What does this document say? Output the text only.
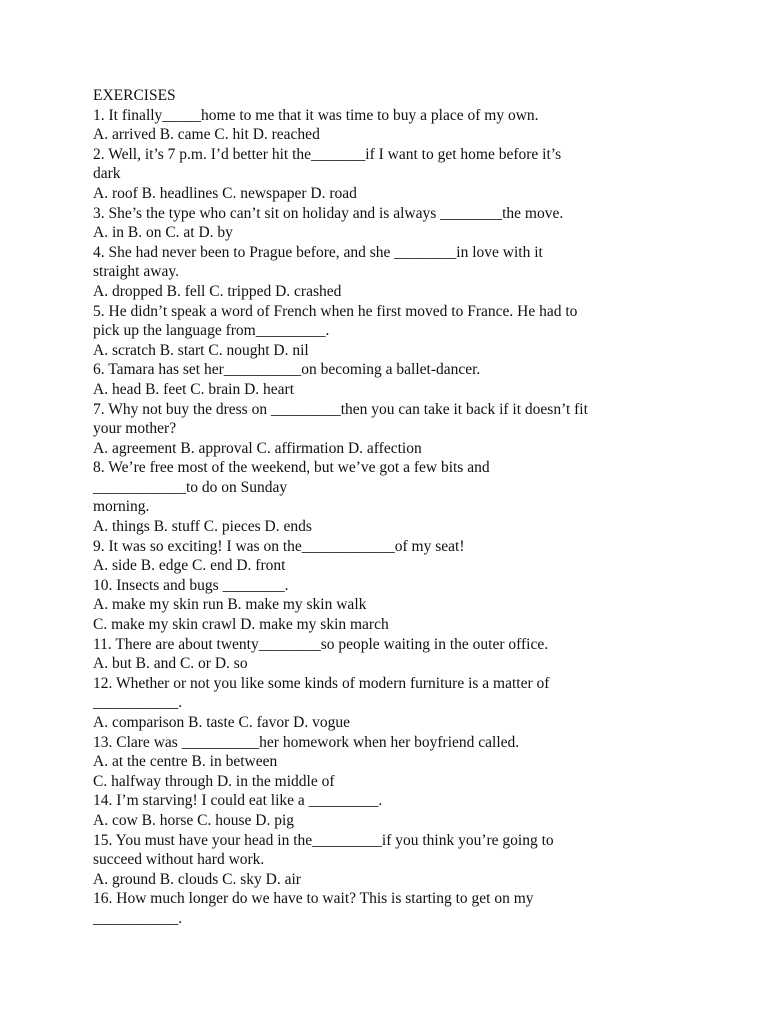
EXERCISES
1. It finally_____home to me that it was time to buy a place of my own.
A. arrived B. came C. hit D. reached
2. Well, it’s 7 p.m. I’d better hit the_______if I want to get home before it’s
dark
A. roof B. headlines C. newspaper D. road
3. She’s the type who can’t sit on holiday and is always ________the move.
A. in B. on C. at D. by
4. She had never been to Prague before, and she ________in love with it
straight away.
A. dropped B. fell C. tripped D. crashed
5. He didn’t speak a word of French when he first moved to France. He had to
pick up the language from_________.
A. scratch B. start C. nought D. nil
6. Tamara has set her__________on becoming a ballet-dancer.
A. head B. feet C. brain D. heart
7. Why not buy the dress on _________then you can take it back if it doesn’t fit
your mother?
A. agreement B. approval C. affirmation D. affection
8. We’re free most of the weekend, but we’ve got a few bits and
____________to do on Sunday
morning.
A. things B. stuff C. pieces D. ends
9. It was so exciting! I was on the____________of my seat!
A. side B. edge C. end D. front
10. Insects and bugs ________.
A. make my skin run B. make my skin walk
C. make my skin crawl D. make my skin march
11. There are about twenty________so people waiting in the outer office.
A. but B. and C. or D. so
12. Whether or not you like some kinds of modern furniture is a matter of
___________.
A. comparison B. taste C. favor D. vogue
13. Clare was __________her homework when her boyfriend called.
A. at the centre B. in between
C. halfway through D. in the middle of
14. I’m starving! I could eat like a _________.
A. cow B. horse C. house D. pig
15. You must have your head in the_________if you think you’re going to
succeed without hard work.
A. ground B. clouds C. sky D. air
16. How much longer do we have to wait? This is starting to get on my
___________.
